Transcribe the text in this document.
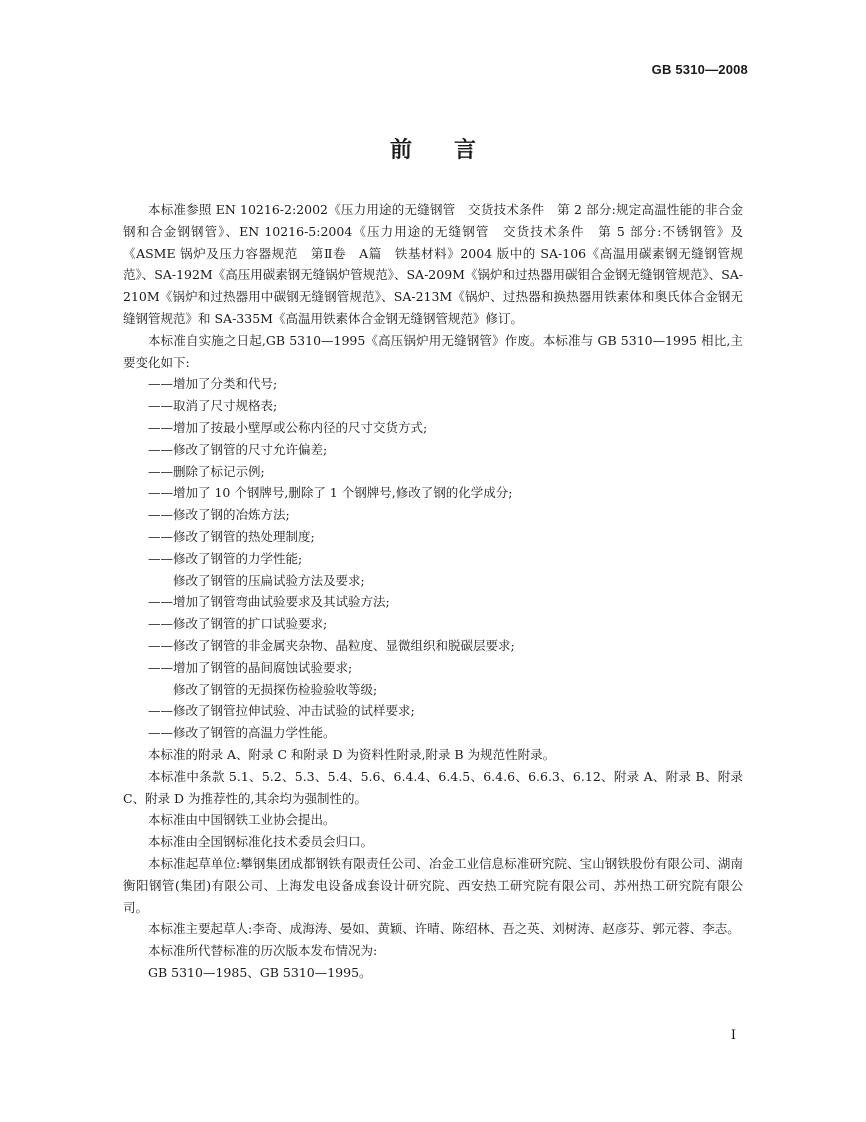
GB 5310—2008
前言

本标准参照 EN 10216-2:2002《压力用途的无缝钢管　交货技术条件　第 2 部分:规定高温性能的非合金钢和合金钢钢管》、EN 10216-5:2004《压力用途的无缝钢管　交货技术条件　第 5 部分:不锈钢管》及《ASME 锅炉及压力容器规范　第Ⅱ卷　A篇　铁基材料》2004 版中的 SA-106《高温用碳素钢无缝钢管规范》、SA-192M《高压用碳素钢无缝锅炉管规范》、SA-209M《锅炉和过热器用碳钼合金钢无缝钢管规范》、SA-210M《锅炉和过热器用中碳钢无缝钢管规范》、SA-213M《锅炉、过热器和换热器用铁素体和奥氏体合金钢无缝钢管规范》和 SA-335M《高温用铁素体合金钢无缝钢管规范》修订。

本标准自实施之日起,GB 5310—1995《高压锅炉用无缝钢管》作废。本标准与 GB 5310—1995 相比,主要变化如下:

——增加了分类和代号;

——取消了尺寸规格表;

——增加了按最小壁厚或公称内径的尺寸交货方式;

——修改了钢管的尺寸允许偏差;

——删除了标记示例;

——增加了 10 个钢牌号,删除了 1 个钢牌号,修改了钢的化学成分;

——修改了钢的冶炼方法;

——修改了钢管的热处理制度;

——修改了钢管的力学性能;

修改了钢管的压扁试验方法及要求;

——增加了钢管弯曲试验要求及其试验方法;

——修改了钢管的扩口试验要求;

——修改了钢管的非金属夹杂物、晶粒度、显微组织和脱碳层要求;

——增加了钢管的晶间腐蚀试验要求;

修改了钢管的无损探伤检验验收等级;

——修改了钢管拉伸试验、冲击试验的试样要求;

——修改了钢管的高温力学性能。

本标准的附录 A、附录 C 和附录 D 为资料性附录,附录 B 为规范性附录。

本标准中条款 5.1、5.2、5.3、5.4、5.6、6.4.4、6.4.5、6.4.6、6.6.3、6.12、附录 A、附录 B、附录 C、附录 D 为推荐性的,其余均为强制性的。

本标准由中国钢铁工业协会提出。

本标准由全国钢标准化技术委员会归口。

本标准起草单位:攀钢集团成都钢铁有限责任公司、冶金工业信息标准研究院、宝山钢铁股份有限公司、湖南衡阳钢管(集团)有限公司、上海发电设备成套设计研究院、西安热工研究院有限公司、苏州热工研究院有限公司。

本标准主要起草人:李奇、成海涛、晏如、黄颖、许晴、陈绍林、吾之英、刘树涛、赵彦芬、郭元蓉、李志。

本标准所代替标准的历次版本发布情况为:

GB 5310—1985、GB 5310—1995。

I
